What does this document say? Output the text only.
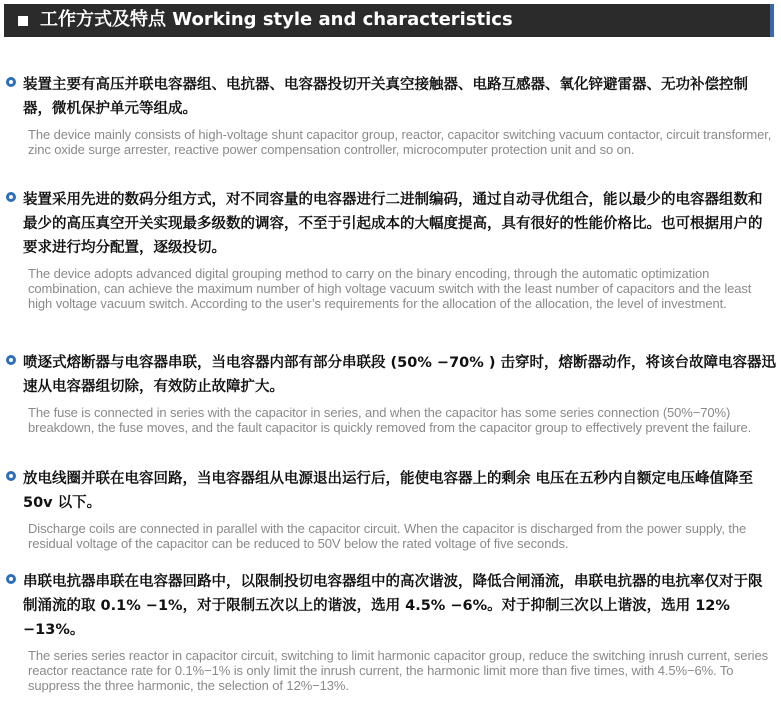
工作方式及特点 Working style and characteristics
装置主要有高压并联电容器组、电抗器、电容器投切开关真空接触器、电路互感器、氧化锌避雷器、无功补偿控制器，微机保护单元等组成。
The device mainly consists of high-voltage shunt capacitor group, reactor, capacitor switching vacuum contactor, circuit transformer, zinc oxide surge arrester, reactive power compensation controller, microcomputer protection unit and so on.
装置采用先进的数码分组方式，对不同容量的电容器进行二进制编码，通过自动寻优组合，能以最少的电容器组数和最少的高压真空开关实现最多级数的调容，不至于引起成本的大幅度提高，具有很好的性能价格比。也可根据用户的要求进行均分配置，逐级投切。
The device adopts advanced digital grouping method to carry on the binary encoding, through the automatic optimization combination, can achieve the maximum number of high voltage vacuum switch with the least number of capacitors and the least high voltage vacuum switch. According to the user’s requirements for the allocation of the allocation, the level of investment.
喷逐式熔断器与电容器串联，当电容器内部有部分串联段 (50% −70% ) 击穿时，熔断器动作，将该台故障电容器迅速从电容器组切除，有效防止故障扩大。
The fuse is connected in series with the capacitor in series, and when the capacitor has some series connection (50%−70%) breakdown, the fuse moves, and the fault capacitor is quickly removed from the capacitor group to effectively prevent the failure.
放电线圈并联在电容回路，当电容器组从电源退出运行后，能使电容器上的剩余 电压在五秒内自额定电压峰值降至 50v 以下。
Discharge coils are connected in parallel with the capacitor circuit. When the capacitor is discharged from the power supply, the residual voltage of the capacitor can be reduced to 50V below the rated voltage of five seconds.
串联电抗器串联在电容器回路中，以限制投切电容器组中的高次谐波，降低合闸涌流，串联电抗器的电抗率仅对于限制涌流的取 0.1% −1%，对于限制五次以上的谐波，选用 4.5% −6%。对于抑制三次以上谐波，选用 12% −13%。
The series series reactor in capacitor circuit, switching to limit harmonic capacitor group, reduce the switching inrush current, series reactor reactance rate for 0.1%−1% is only limit the inrush current, the harmonic limit more than five times, with 4.5%−6%. To suppress the three harmonic, the selection of 12%−13%.
